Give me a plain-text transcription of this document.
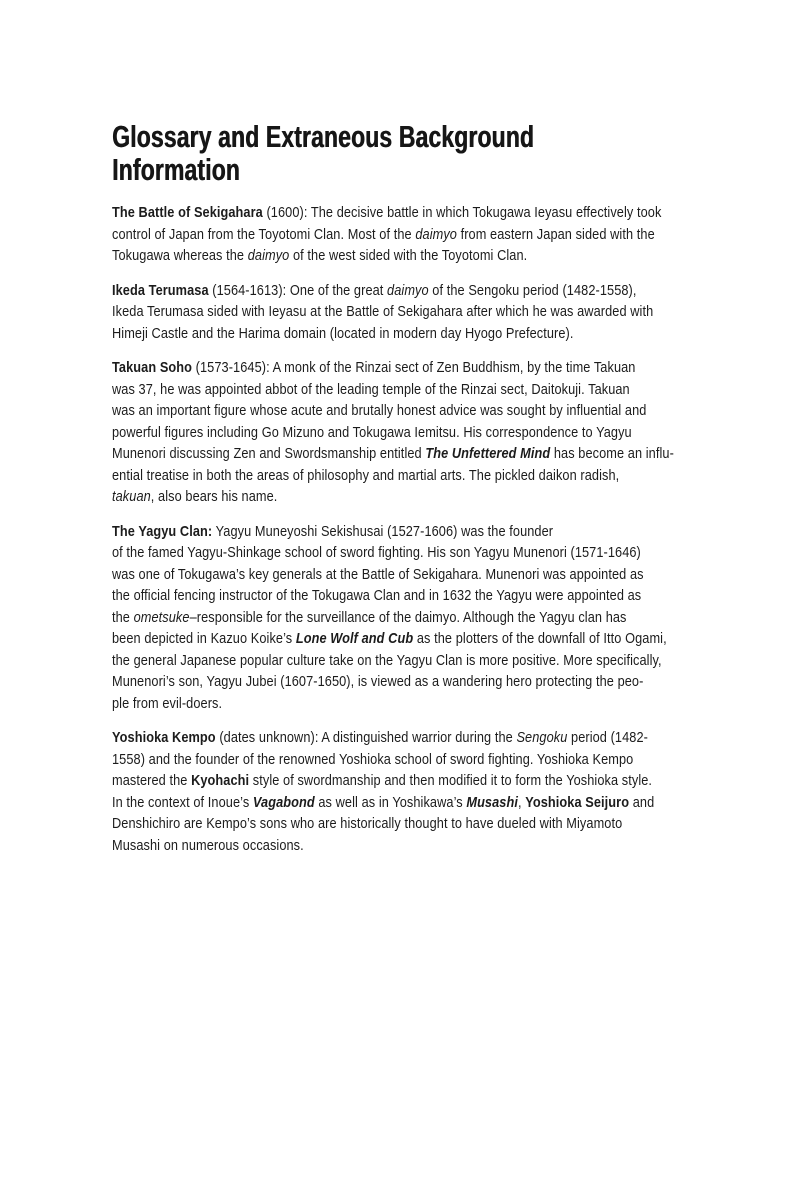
Glossary and Extraneous Background
Information
The Battle of Sekigahara (1600): The decisive battle in which Tokugawa Ieyasu effectively took
control of Japan from the Toyotomi Clan. Most of the daimyo from eastern Japan sided with the
Tokugawa whereas the daimyo of the west sided with the Toyotomi Clan.
Ikeda Terumasa (1564-1613): One of the great daimyo of the Sengoku period (1482-1558),
Ikeda Terumasa sided with Ieyasu at the Battle of Sekigahara after which he was awarded with
Himeji Castle and the Harima domain (located in modern day Hyogo Prefecture).
Takuan Soho (1573-1645): A monk of the Rinzai sect of Zen Buddhism, by the time Takuan
was 37, he was appointed abbot of the leading temple of the Rinzai sect, Daitokuji. Takuan
was an important figure whose acute and brutally honest advice was sought by influential and
powerful figures including Go Mizuno and Tokugawa Iemitsu. His correspondence to Yagyu
Munenori discussing Zen and Swordsmanship entitled The Unfettered Mind has become an influ-
ential treatise in both the areas of philosophy and martial arts. The pickled daikon radish,
takuan, also bears his name.
The Yagyu Clan: Yagyu Muneyoshi Sekishusai (1527-1606) was the founder
of the famed Yagyu-Shinkage school of sword fighting. His son Yagyu Munenori (1571-1646)
was one of Tokugawa’s key generals at the Battle of Sekigahara. Munenori was appointed as
the official fencing instructor of the Tokugawa Clan and in 1632 the Yagyu were appointed as
the ometsuke–responsible for the surveillance of the daimyo. Although the Yagyu clan has
been depicted in Kazuo Koike’s Lone Wolf and Cub as the plotters of the downfall of Itto Ogami,
the general Japanese popular culture take on the Yagyu Clan is more positive. More specifically,
Munenori’s son, Yagyu Jubei (1607-1650), is viewed as a wandering hero protecting the peo-
ple from evil-doers.
Yoshioka Kempo (dates unknown): A distinguished warrior during the Sengoku period (1482-
1558) and the founder of the renowned Yoshioka school of sword fighting. Yoshioka Kempo
mastered the Kyohachi style of swordmanship and then modified it to form the Yoshioka style.
In the context of Inoue’s Vagabond as well as in Yoshikawa’s Musashi, Yoshioka Seijuro and
Denshichiro are Kempo’s sons who are historically thought to have dueled with Miyamoto
Musashi on numerous occasions.
